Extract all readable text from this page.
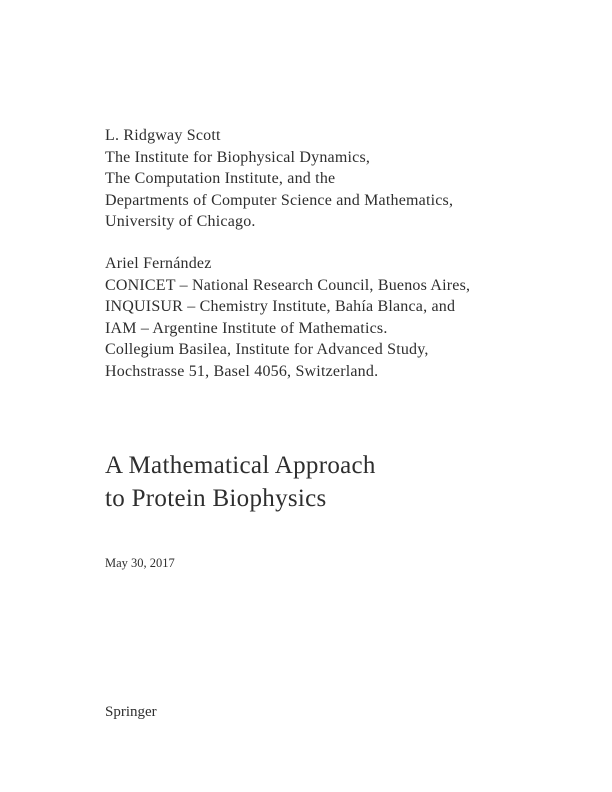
L. Ridgway Scott
The Institute for Biophysical Dynamics,
The Computation Institute, and the
Departments of Computer Science and Mathematics,
University of Chicago.
Ariel Fernández
CONICET – National Research Council, Buenos Aires,
INQUISUR – Chemistry Institute, Bahía Blanca, and
IAM – Argentine Institute of Mathematics.
Collegium Basilea, Institute for Advanced Study,
Hochstrasse 51, Basel 4056, Switzerland.
A Mathematical Approach
to Protein Biophysics
May 30, 2017
Springer
